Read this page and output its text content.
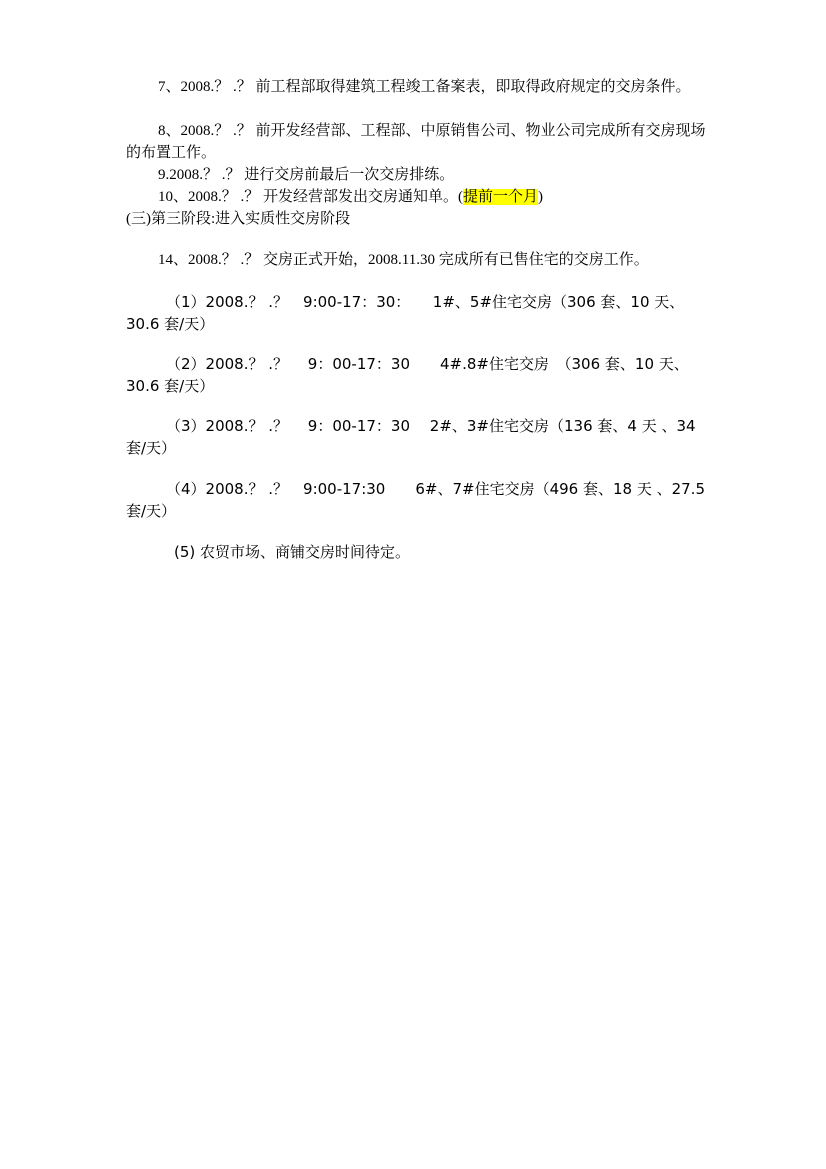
7、2008.？ .？ 前工程部取得建筑工程竣工备案表，即取得政府规定的交房条件。
8、2008.？ .？ 前开发经营部、工程部、中原销售公司、物业公司完成所有交房现场的布置工作。
9.2008.？ .？ 进行交房前最后一次交房排练。
10、2008.？ .？ 开发经营部发出交房通知单。(提前一个月)
(三)第三阶段:进入实质性交房阶段
14、2008.？ .？ 交房正式开始，2008.11.30 完成所有已售住宅的交房工作。
（1）2008.？ .？　9:00-17：30：　　1#、5#住宅交房（306 套、10 天、30.6 套/天）
（2）2008.？ .？　 9：00-17：30　　4#.8#住宅交房　（306 套、10 天、30.6 套/天）
（3）2008.？ .？　 9：00-17：30　 2#、3#住宅交房（136 套、4 天 、34 套/天）
（4）2008.？ .？　9:00-17:30　　6#、7#住宅交房（496 套、18 天 、27.5 套/天）
(5) 农贸市场、商铺交房时间待定。
